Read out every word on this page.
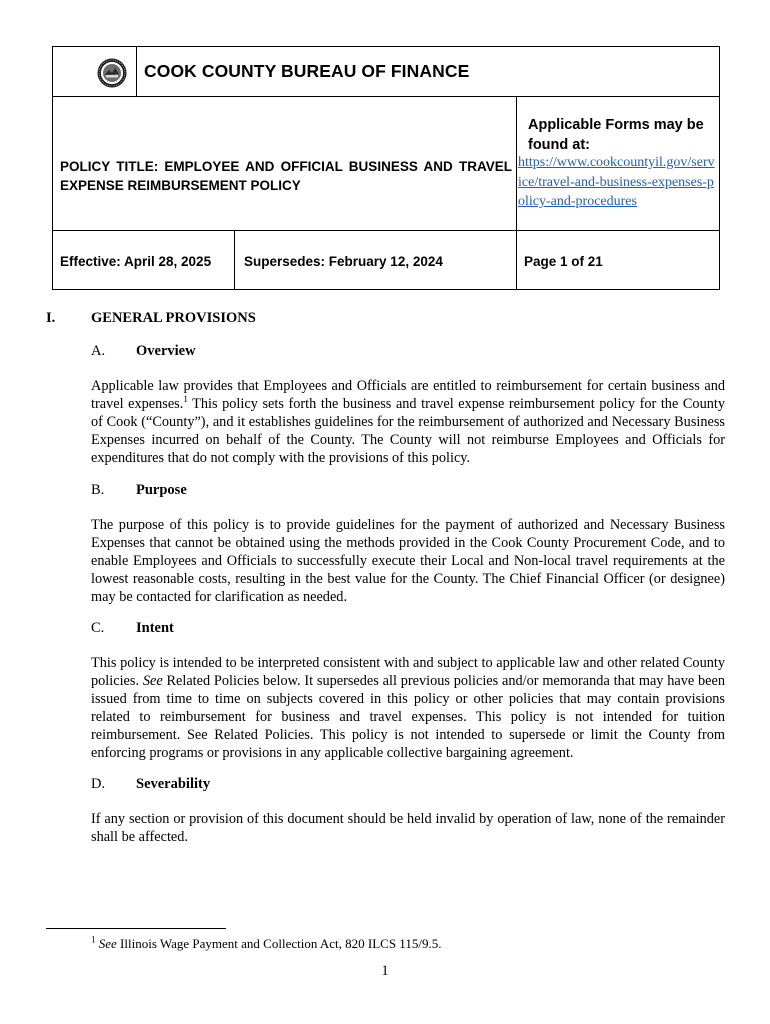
COOK COUNTY BUREAU OF FINANCE
POLICY TITLE: EMPLOYEE AND OFFICIAL BUSINESS AND TRAVEL EXPENSE REIMBURSEMENT POLICY
Applicable Forms may be found at:
https://www.cookcountyil.gov/service/travel-and-business-expenses-policy-and-procedures
Effective: April 28, 2025 Supersedes: February 12, 2024	Page 1 of 21
I. GENERAL PROVISIONS
A. Overview

Applicable law provides that Employees and Officials are entitled to reimbursement for certain business and travel expenses.$^1$ This policy sets forth the business and travel expense reimbursement policy for the County of Cook (“County”), and it establishes guidelines for the reimbursement of authorized and Necessary Business Expenses incurred on behalf of the County. The County will not reimburse Employees and Officials for expenditures that do not comply with the provisions of this policy.

B. Purpose

The purpose of this policy is to provide guidelines for the payment of authorized and Necessary Business Expenses that cannot be obtained using the methods provided in the Cook County Procurement Code, and to enable Employees and Officials to successfully execute their Local and Non-local travel requirements at the lowest reasonable costs, resulting in the best value for the County. The Chief Financial Officer (or designee) may be contacted for clarification as needed.

C. Intent

This policy is intended to be interpreted consistent with and subject to applicable law and other related County policies. See Related Policies below. It supersedes all previous policies and/or memoranda that may have been issued from time to time on subjects covered in this policy or other policies that may contain provisions related to reimbursement for business and travel expenses. This policy is not intended for tuition reimbursement. See Related Policies. This policy is not intended to supersede or limit the County from enforcing programs or provisions in any applicable collective bargaining agreement.

D. Severability

If any section or provision of this document should be held invalid by operation of law, none of the remainder shall be affected.

$^1$ See Illinois Wage Payment and Collection Act, 820 ILCS 115/9.5.
1
